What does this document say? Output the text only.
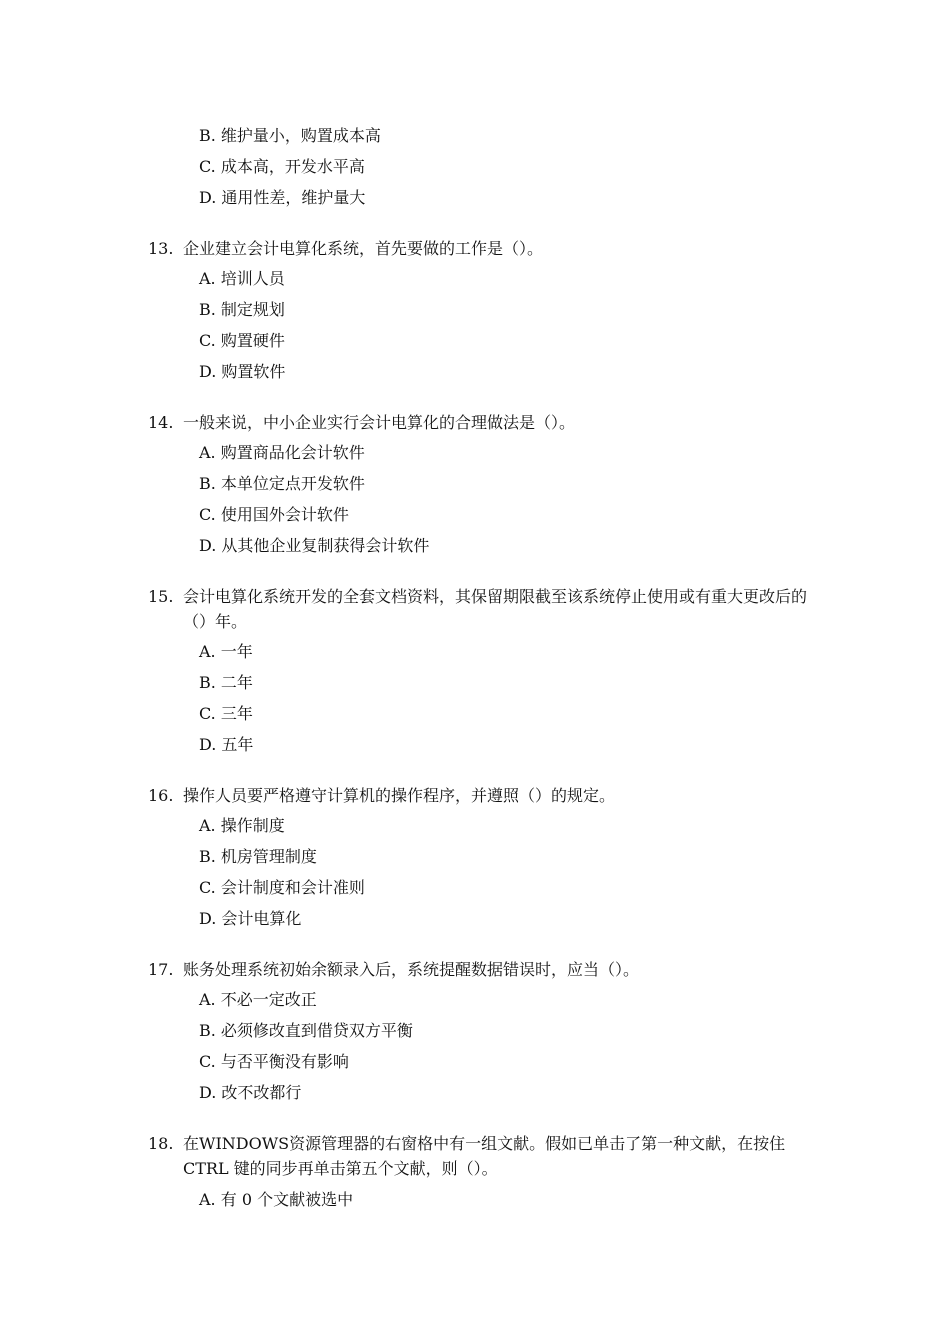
B. 维护量小，购置成本高
C. 成本高，开发水平高
D. 通用性差，维护量大
13. 企业建立会计电算化系统，首先要做的工作是（）。
A. 培训人员
B. 制定规划
C. 购置硬件
D. 购置软件
14. 一般来说，中小企业实行会计电算化的合理做法是（）。
A. 购置商品化会计软件
B. 本单位定点开发软件
C. 使用国外会计软件
D. 从其他企业复制获得会计软件
15. 会计电算化系统开发的全套文档资料，其保留期限截至该系统停止使用或有重大更改后的（）年。
A. 一年
B. 二年
C. 三年
D. 五年
16. 操作人员要严格遵守计算机的操作程序，并遵照（）的规定。
A. 操作制度
B. 机房管理制度
C. 会计制度和会计准则
D. 会计电算化
17. 账务处理系统初始余额录入后，系统提醒数据错误时，应当（）。
A. 不必一定改正
B. 必须修改直到借贷双方平衡
C. 与否平衡没有影响
D. 改不改都行
18. 在WINDOWS资源管理器的右窗格中有一组文献。假如已单击了第一种文献，在按住CTRL 键的同步再单击第五个文献，则（）。
A. 有 0 个文献被选中
